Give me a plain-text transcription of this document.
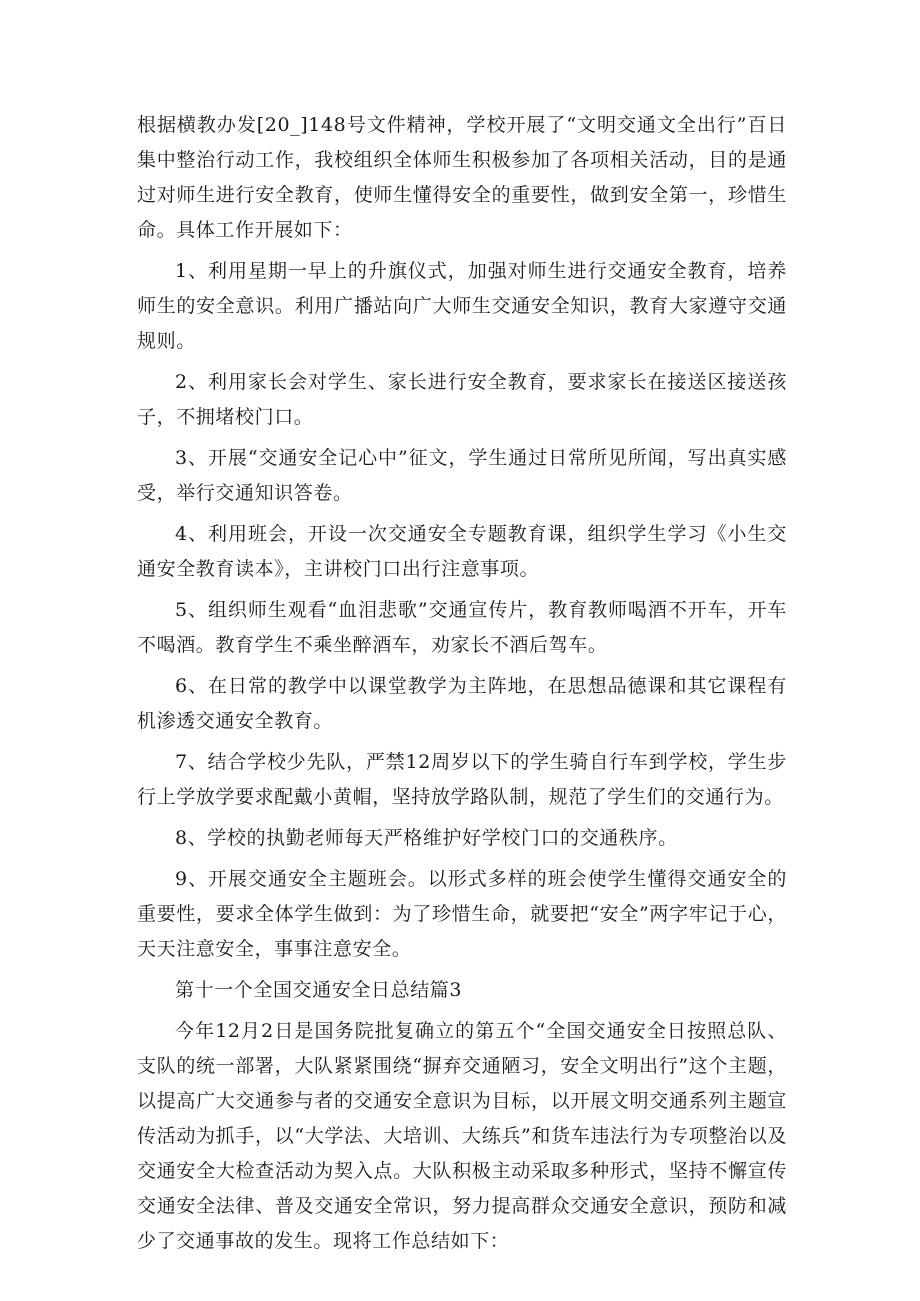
根据横教办发[20_]148号文件精神，学校开展了“文明交通文全出行”百日集中整治行动工作，我校组织全体师生积极参加了各项相关活动，目的是通过对师生进行安全教育，使师生懂得安全的重要性，做到安全第一，珍惜生命。具体工作开展如下：

1、利用星期一早上的升旗仪式，加强对师生进行交通安全教育，培养师生的安全意识。利用广播站向广大师生交通安全知识，教育大家遵守交通规则。

2、利用家长会对学生、家长进行安全教育，要求家长在接送区接送孩子，不拥堵校门口。

3、开展“交通安全记心中”征文，学生通过日常所见所闻，写出真实感受，举行交通知识答卷。

4、利用班会，开设一次交通安全专题教育课，组织学生学习《小生交通安全教育读本》，主讲校门口出行注意事项。

5、组织师生观看“血泪悲歌”交通宣传片，教育教师喝酒不开车，开车不喝酒。教育学生不乘坐醉酒车，劝家长不酒后驾车。

6、在日常的教学中以课堂教学为主阵地，在思想品德课和其它课程有机渗透交通安全教育。

7、结合学校少先队，严禁12周岁以下的学生骑自行车到学校，学生步行上学放学要求配戴小黄帽，坚持放学路队制，规范了学生们的交通行为。

8、学校的执勤老师每天严格维护好学校门口的交通秩序。

9、开展交通安全主题班会。以形式多样的班会使学生懂得交通安全的重要性，要求全体学生做到：为了珍惜生命，就要把“安全”两字牢记于心，天天注意安全，事事注意安全。

第十一个全国交通安全日总结篇3

今年12月2日是国务院批复确立的第五个“全国交通安全日按照总队、支队的统一部署，大队紧紧围绕“摒弃交通陋习，安全文明出行”这个主题，以提高广大交通参与者的交通安全意识为目标，以开展文明交通系列主题宣传活动为抓手，以“大学法、大培训、大练兵”和货车违法行为专项整治以及交通安全大检查活动为契入点。大队积极主动采取多种形式，坚持不懈宣传交通安全法律、普及交通安全常识，努力提高群众交通安全意识，预防和减少了交通事故的发生。现将工作总结如下：
